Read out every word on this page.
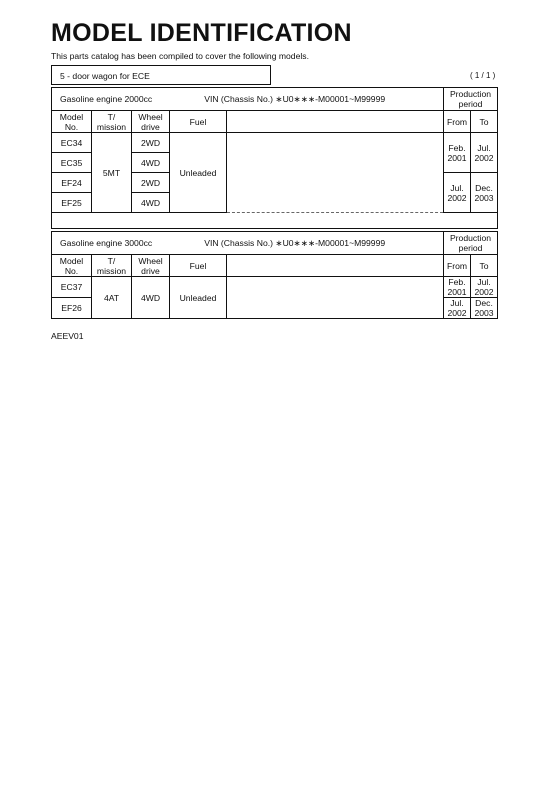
MODEL IDENTIFICATION
This parts catalog has been compiled to cover the following models.
5 - door wagon for ECE	( 1 / 1 )
Gasoline engine 2000cc VIN (Chassis No.) ∗U0∗∗∗-M00001~M99999					Production period	
Model No.	T/ mission	Wheel drive	Fuel		From	To
EC34	5MT	2WD	Unleaded		Feb. 2001	Jul. 2002
EC35		4WD				
EF24		2WD			Jul. 2002	Dec. 2003
EF25		4WD				

Gasoline engine 3000cc VIN (Chassis No.) ∗U0∗∗∗-M00001~M99999					Production period	
Model No.	T/ mission	Wheel drive	Fuel		From	To
EC37	4AT	4WD	Unleaded		Feb. 2001	Jul. 2002
EF26					Jul. 2002	Dec. 2003
AEEV01
